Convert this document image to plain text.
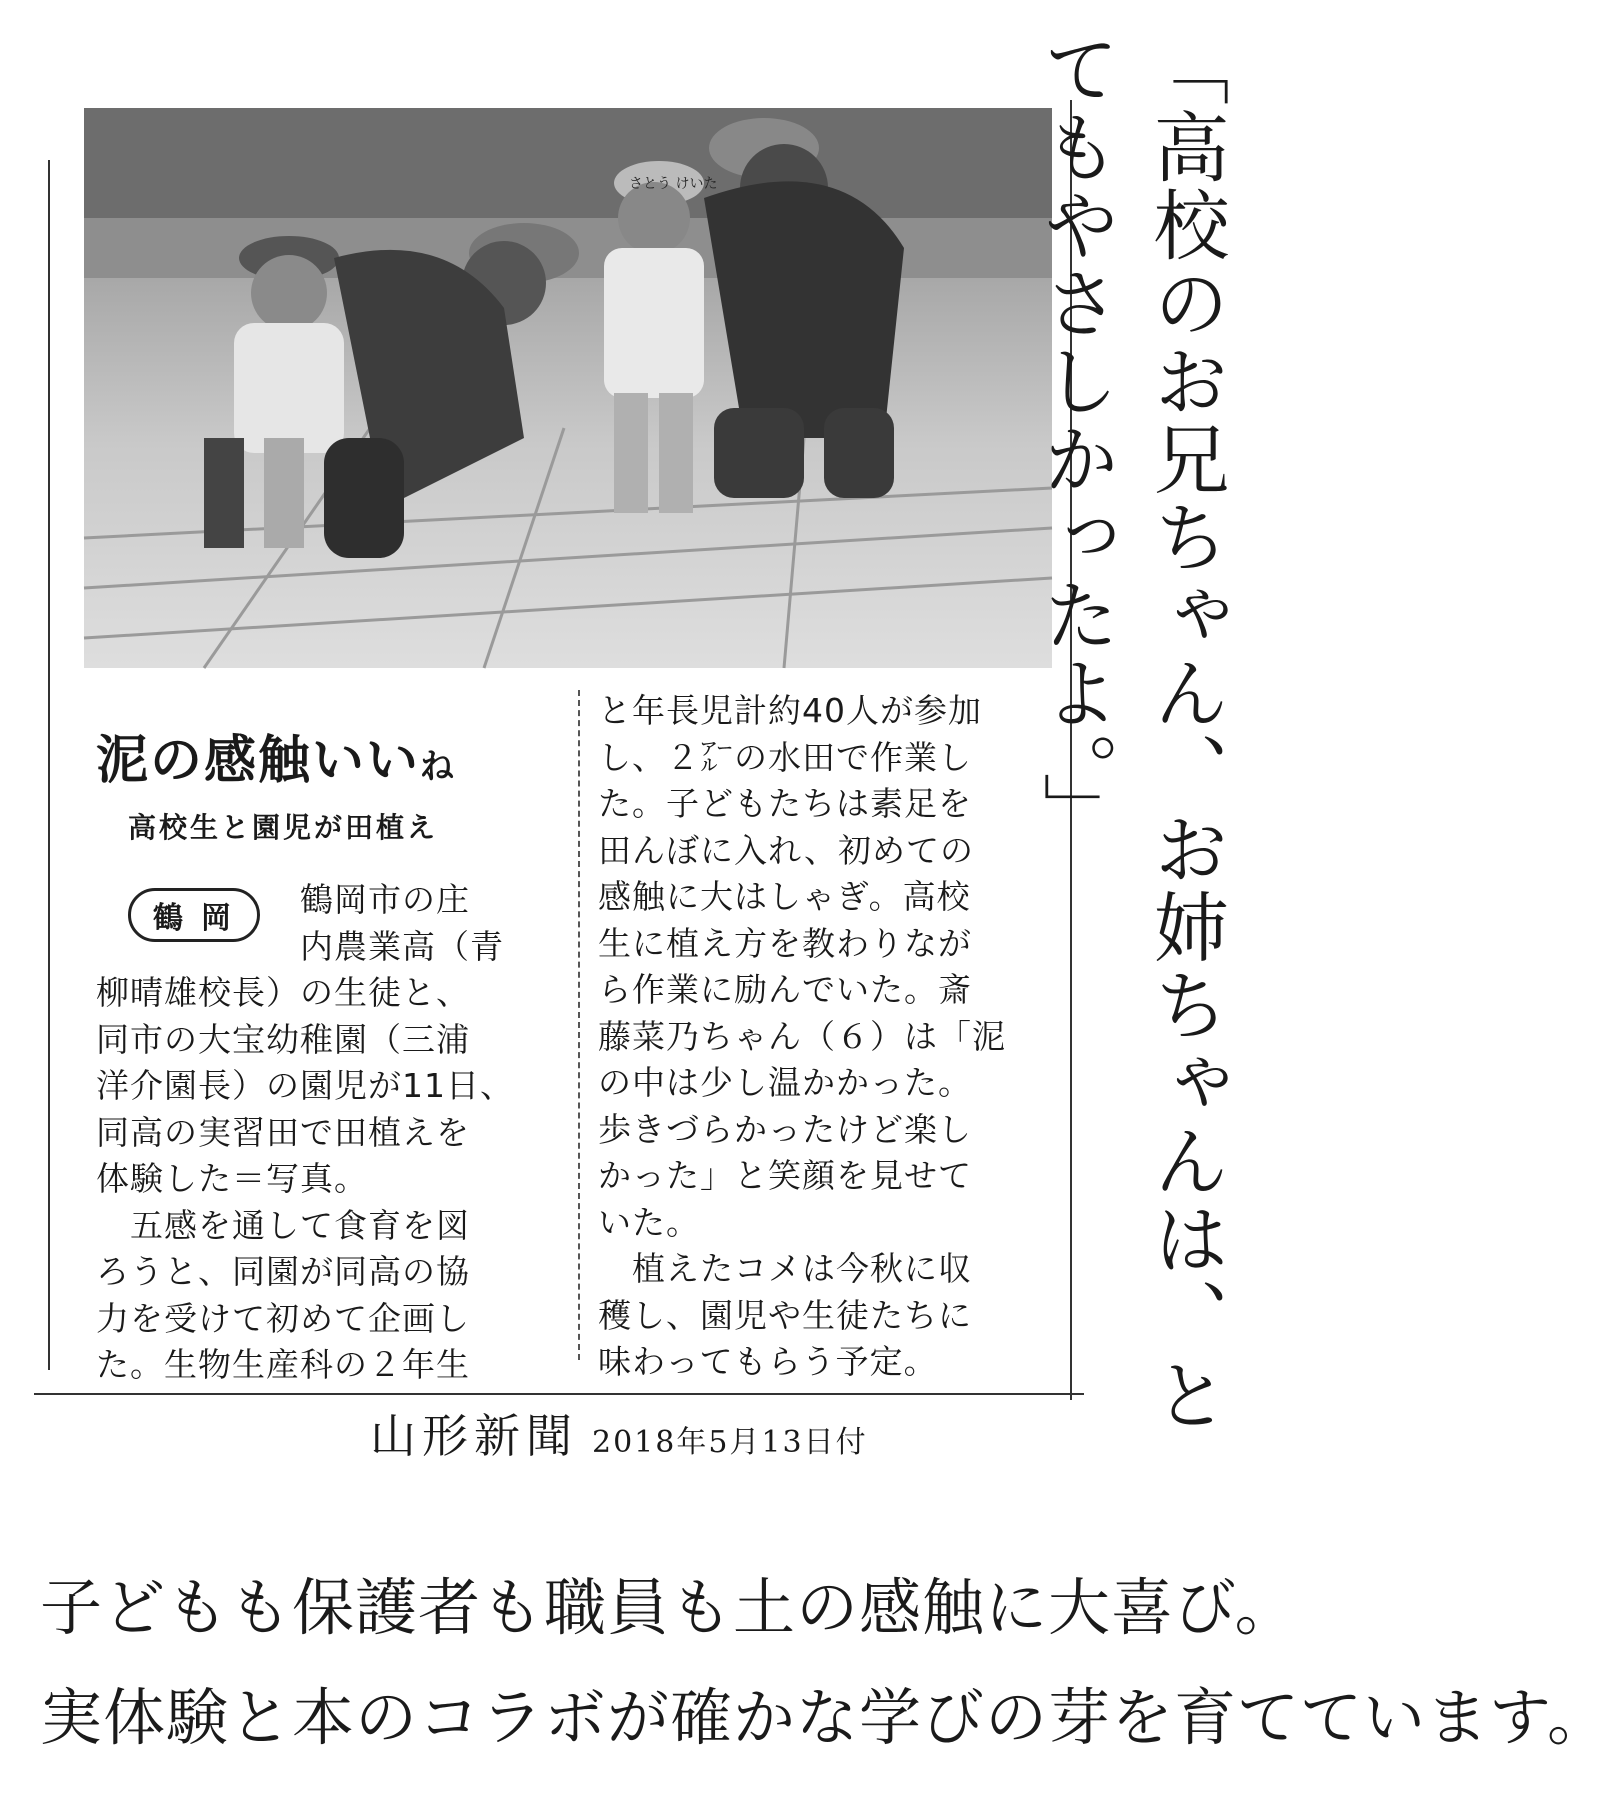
さとう けいた
泥の感触いいね
高校生と園児が田植え
鶴岡	鶴岡市の庄
内農業高（青
柳晴雄校長）の生徒と、
同市の大宝幼稚園（三浦
洋介園長）の園児が11日、
同高の実習田で田植えを
体験した＝写真。
　五感を通して食育を図
ろうと、同園が同高の協
力を受けて初めて企画し
た。生物生産科の２年生
と年長児計約40人が参加
し、２㌃の水田で作業し
た。子どもたちは素足を
田んぼに入れ、初めての
感触に大はしゃぎ。高校
生に植え方を教わりなが
ら作業に励んでいた。斎
藤菜乃ちゃん（６）は「泥
の中は少し温かかった。
歩きづらかったけど楽し
かった」と笑顔を見せて
いた。
　植えたコメは今秋に収
穫し、園児や生徒たちに
味わってもらう予定。
山形新聞 2018年5月13日付
「高校のお兄ちゃん、お姉ちゃんは、とてもやさしかったよ。」
子どもも保護者も職員も土の感触に大喜び。
実体験と本のコラボが確かな学びの芽を育てています。
